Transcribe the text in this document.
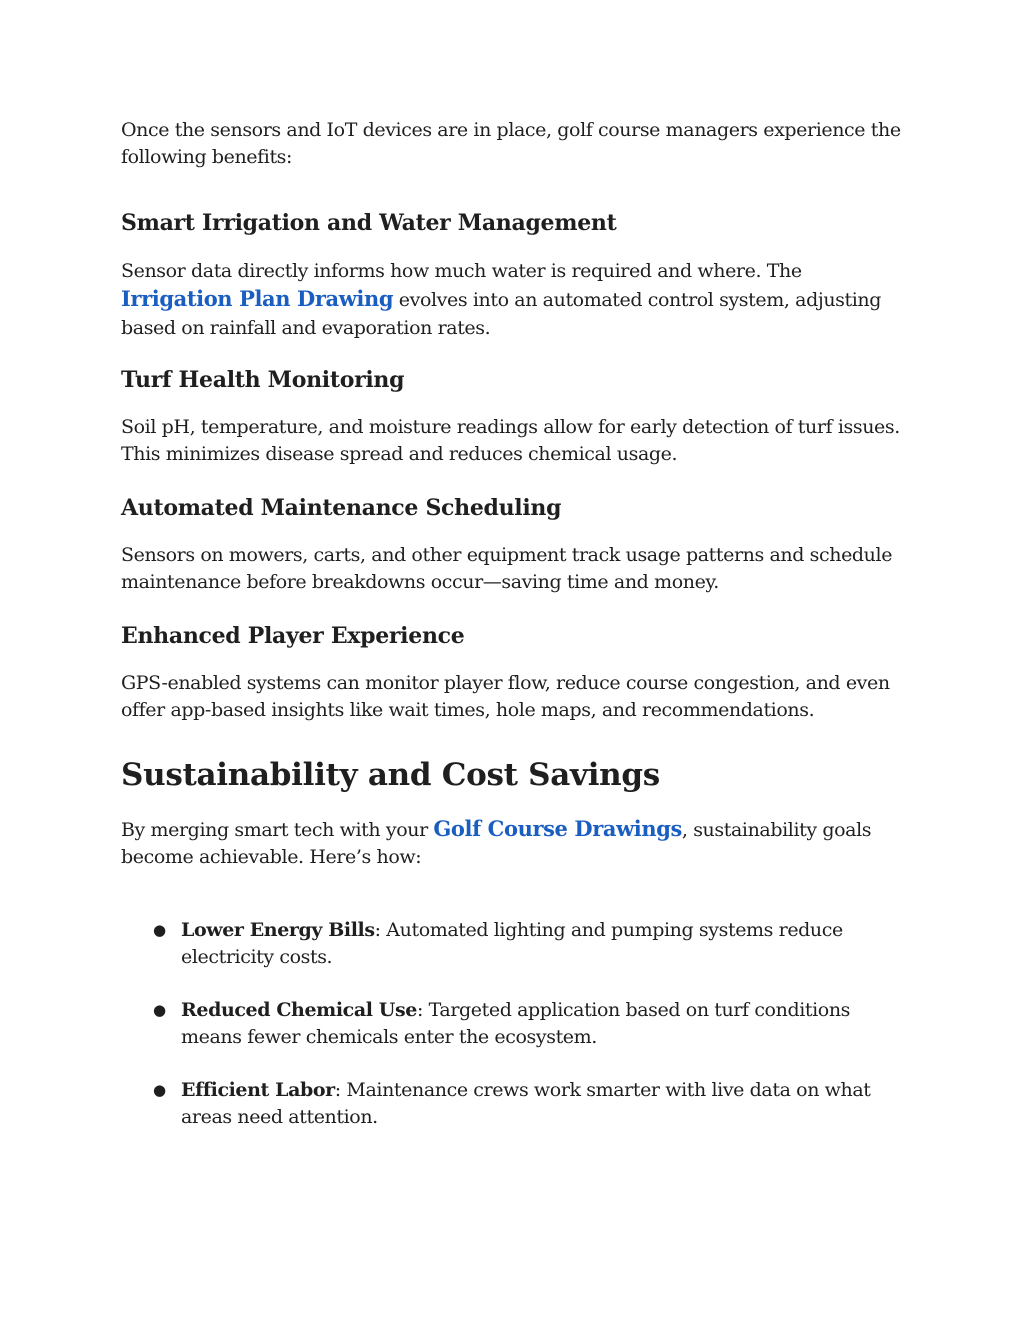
Once the sensors and IoT devices are in place, golf course managers experience the following benefits:

Smart Irrigation and Water Management

Sensor data directly informs how much water is required and where. The Irrigation Plan Drawing evolves into an automated control system, adjusting based on rainfall and evaporation rates.

Turf Health Monitoring

Soil pH, temperature, and moisture readings allow for early detection of turf issues. This minimizes disease spread and reduces chemical usage.

Automated Maintenance Scheduling

Sensors on mowers, carts, and other equipment track usage patterns and schedule maintenance before breakdowns occur—saving time and money.

Enhanced Player Experience

GPS-enabled systems can monitor player flow, reduce course congestion, and even offer app-based insights like wait times, hole maps, and recommendations.

Sustainability and Cost Savings

By merging smart tech with your Golf Course Drawings, sustainability goals become achievable. Here’s how:

● Lower Energy Bills: Automated lighting and pumping systems reduce electricity costs.
● Reduced Chemical Use: Targeted application based on turf conditions means fewer chemicals enter the ecosystem.
● Efficient Labor: Maintenance crews work smarter with live data on what areas need attention.
